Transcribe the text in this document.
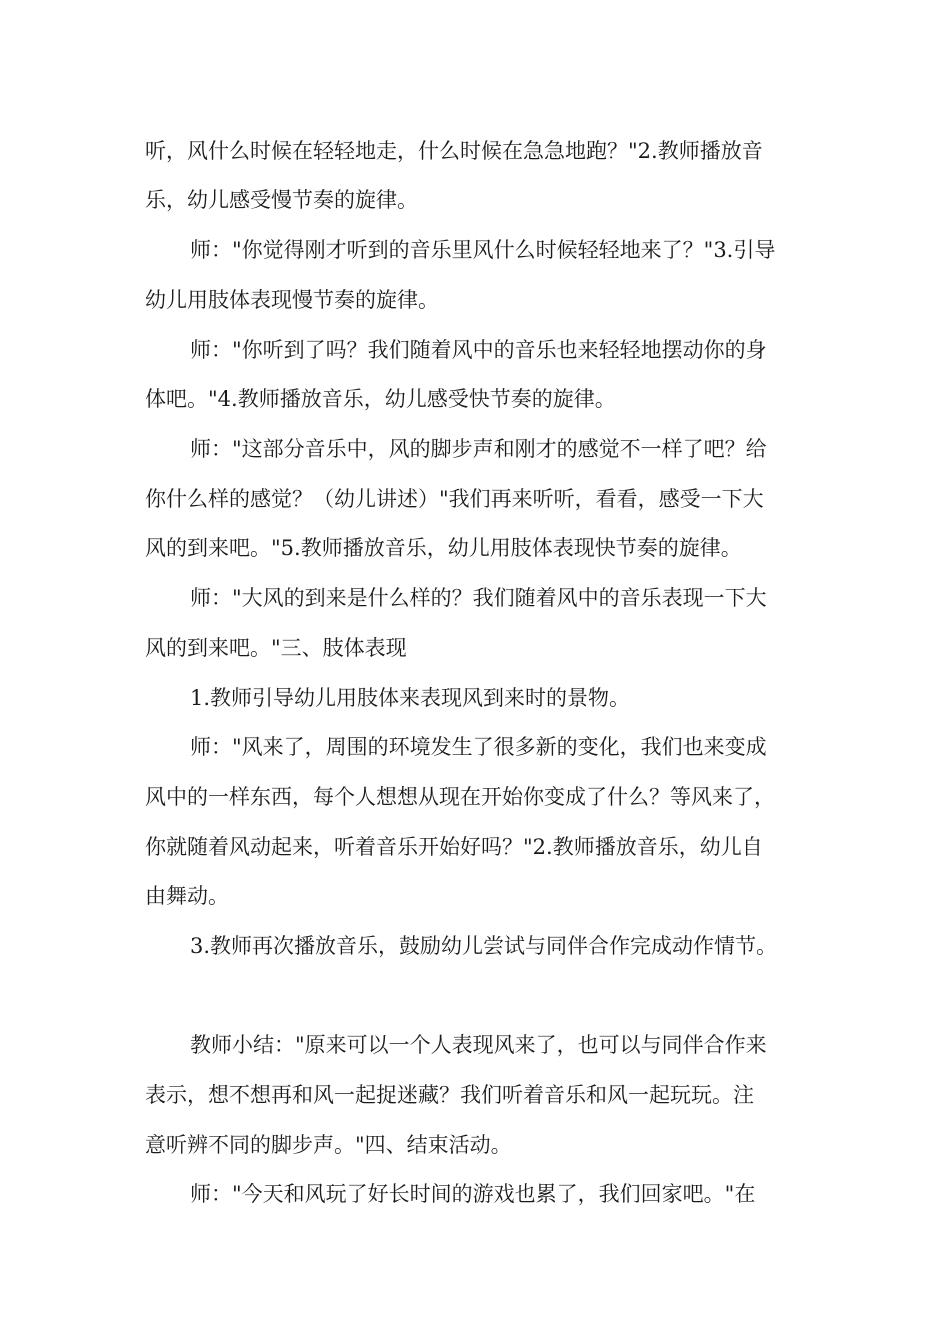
听，风什么时候在轻轻地走，什么时候在急急地跑？"2.教师播放音
乐，幼儿感受慢节奏的旋律。
师："你觉得刚才听到的音乐里风什么时候轻轻地来了？"3.引导
幼儿用肢体表现慢节奏的旋律。
师："你听到了吗？我们随着风中的音乐也来轻轻地摆动你的身
体吧。"4.教师播放音乐，幼儿感受快节奏的旋律。
师："这部分音乐中，风的脚步声和刚才的感觉不一样了吧？给
你什么样的感觉？（幼儿讲述）"我们再来听听，看看，感受一下大
风的到来吧。"5.教师播放音乐，幼儿用肢体表现快节奏的旋律。
师："大风的到来是什么样的？我们随着风中的音乐表现一下大
风的到来吧。"三、肢体表现
1.教师引导幼儿用肢体来表现风到来时的景物。
师："风来了，周围的环境发生了很多新的变化，我们也来变成
风中的一样东西，每个人想想从现在开始你变成了什么？等风来了，
你就随着风动起来，听着音乐开始好吗？"2.教师播放音乐，幼儿自
由舞动。
3.教师再次播放音乐，鼓励幼儿尝试与同伴合作完成动作情节。
教师小结："原来可以一个人表现风来了，也可以与同伴合作来
表示，想不想再和风一起捉迷藏？我们听着音乐和风一起玩玩。注
意听辨不同的脚步声。"四、结束活动。
师："今天和风玩了好长时间的游戏也累了，我们回家吧。"在
